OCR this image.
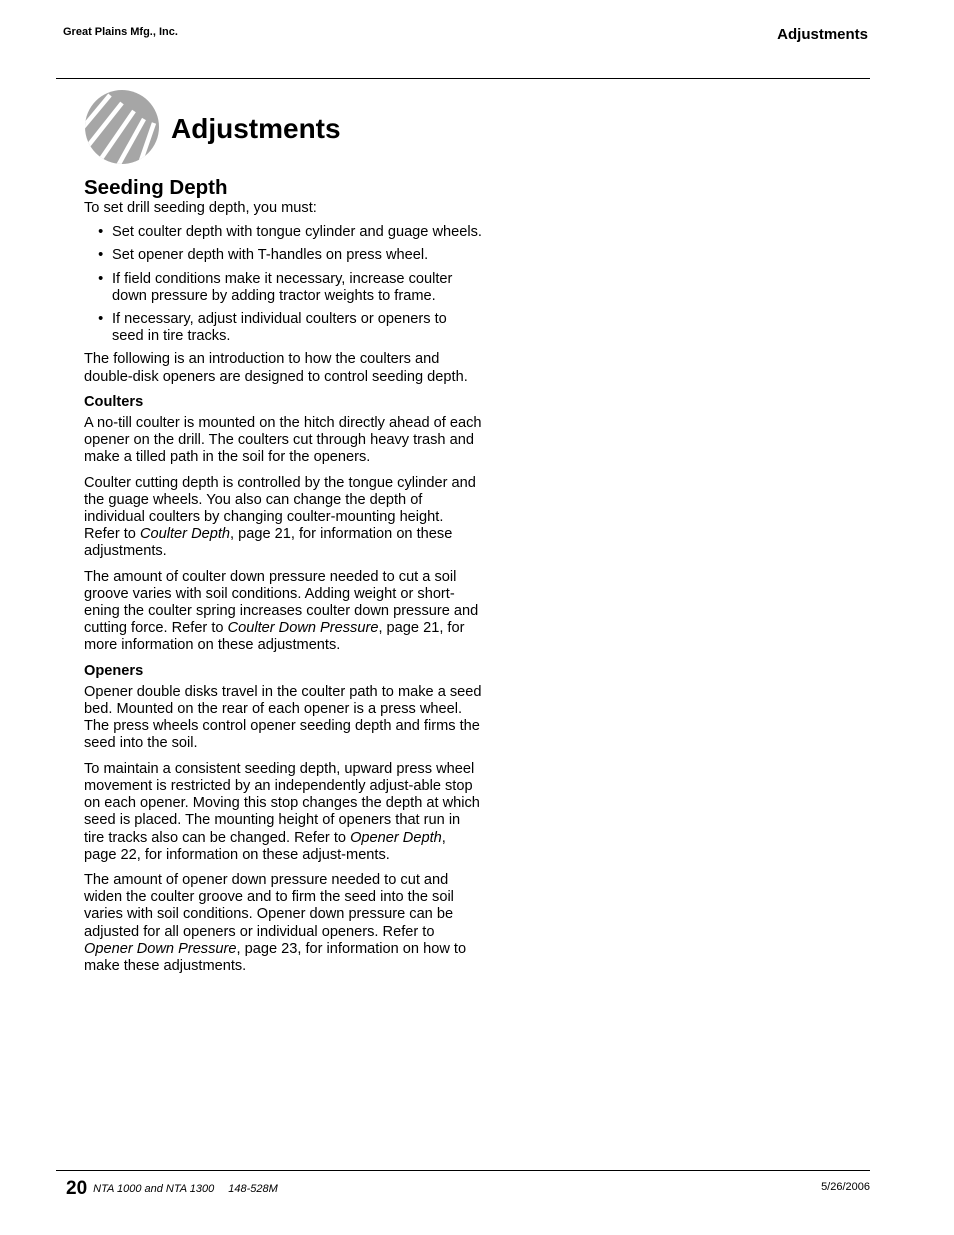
Great Plains Mfg., Inc.	Adjustments
Adjustments
Seeding Depth

To set drill seeding depth, you must:

• Set coulter depth with tongue cylinder and guage wheels.
• Set opener depth with T-handles on press wheel.
• If field conditions make it necessary, increase coulter down pressure by adding tractor weights to frame.
• If necessary, adjust individual coulters or openers to seed in tire tracks.

The following is an introduction to how the coulters and double-disk openers are designed to control seeding depth.

Coulters

A no-till coulter is mounted on the hitch directly ahead of each opener on the drill. The coulters cut through heavy trash and make a tilled path in the soil for the openers.

Coulter cutting depth is controlled by the tongue cylinder and the guage wheels. You also can change the depth of individual coulters by changing coulter-mounting height. Refer to Coulter Depth, page 21, for information on these adjustments.

The amount of coulter down pressure needed to cut a soil groove varies with soil conditions. Adding weight or short-ening the coulter spring increases coulter down pressure and cutting force. Refer to Coulter Down Pressure, page 21, for more information on these adjustments.

Openers

Opener double disks travel in the coulter path to make a seed bed. Mounted on the rear of each opener is a press wheel. The press wheels control opener seeding depth and firms the seed into the soil.

To maintain a consistent seeding depth, upward press wheel movement is restricted by an independently adjust-able stop on each opener. Moving this stop changes the depth at which seed is placed. The mounting height of openers that run in tire tracks also can be changed. Refer to Opener Depth, page 22, for information on these adjust-ments.

The amount of opener down pressure needed to cut and widen the coulter groove and to firm the seed into the soil varies with soil conditions. Opener down pressure can be adjusted for all openers or individual openers. Refer to Opener Down Pressure, page 23, for information on how to make these adjustments.

20 NTA 1000 and NTA 1300 148-528M	5/26/2006
